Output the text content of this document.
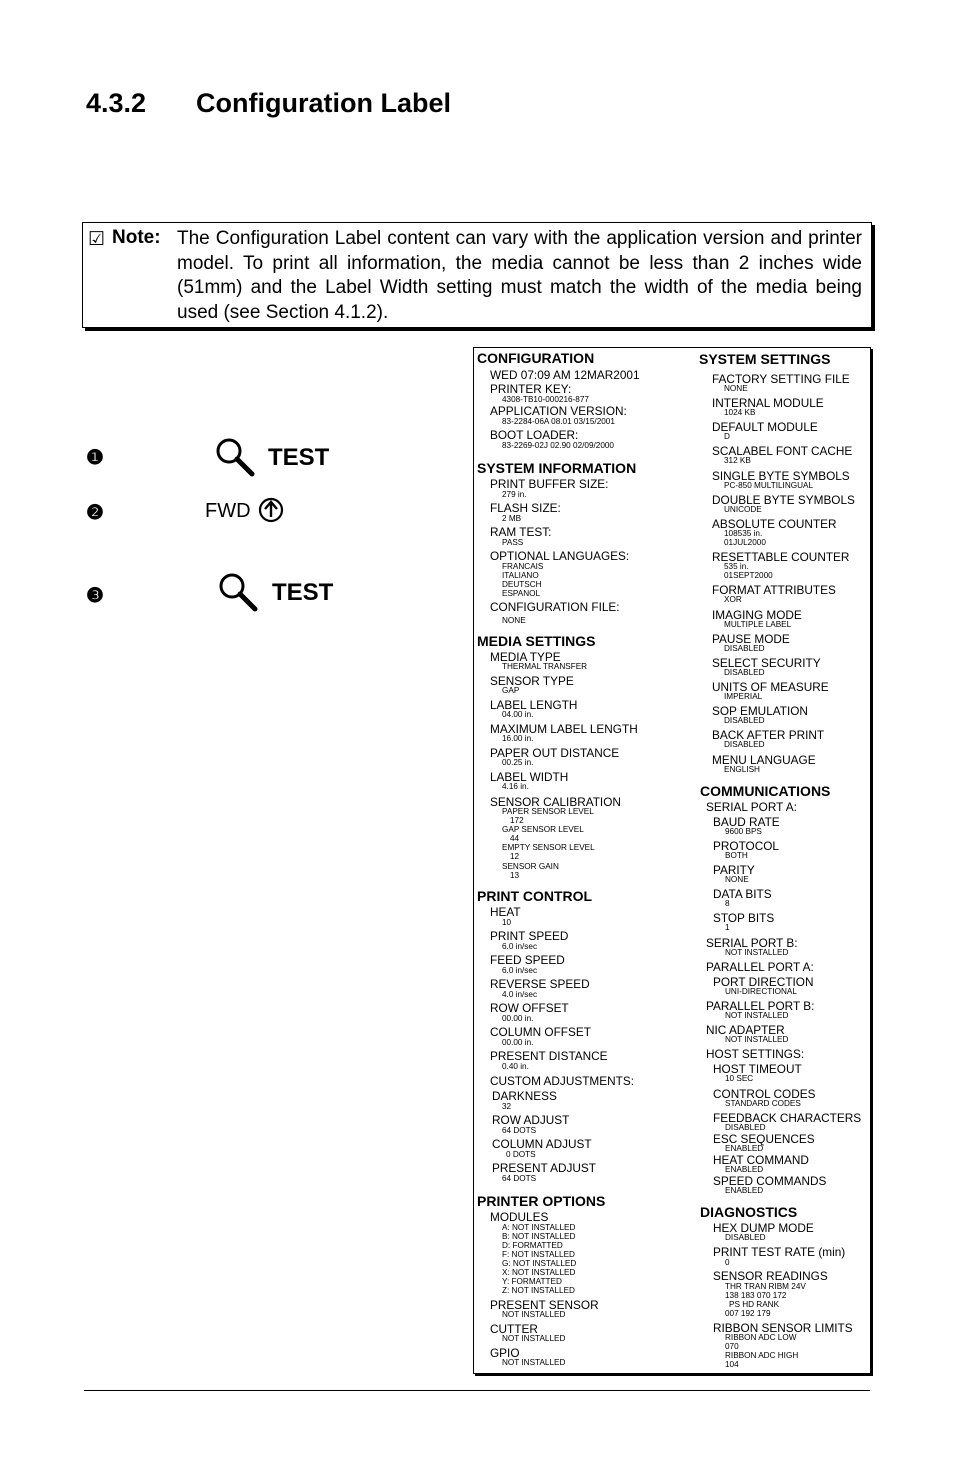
4.3.2 Configuration Label
☑ Note: The Configuration Label content can vary with the application version and printer model. To print all information, the media cannot be less than 2 inches wide (51mm) and the Label Width setting must match the width of the media being used (see Section 4.1.2).
❶	TEST
❷	FWD
❸	TEST
CONFIGURATION
WED 07:09 AM 12MAR2001
PRINTER KEY:
4308-TB10-000216-877
APPLICATION VERSION:
83-2284-06A 08.01 03/15/2001
BOOT LOADER:
83-2269-02J 02.90 02/09/2000
SYSTEM INFORMATION
PRINT BUFFER SIZE:
279 in.
FLASH SIZE:
2 MB
RAM TEST:
PASS
OPTIONAL LANGUAGES:
FRANCAIS
ITALIANO
DEUTSCH
ESPANOL
CONFIGURATION FILE:
NONE
MEDIA SETTINGS
MEDIA TYPE
THERMAL TRANSFER
SENSOR TYPE
GAP
LABEL LENGTH
04.00 in.
MAXIMUM LABEL LENGTH
16.00 in.
PAPER OUT DISTANCE
00.25 in.
LABEL WIDTH
4.16 in.
SENSOR CALIBRATION
PAPER SENSOR LEVEL
172
GAP SENSOR LEVEL
44
EMPTY SENSOR LEVEL
12
SENSOR GAIN
13
PRINT CONTROL
HEAT
10
PRINT SPEED
6.0 in/sec
FEED SPEED
6.0 in/sec
REVERSE SPEED
4.0 in/sec
ROW OFFSET
00.00 in.
COLUMN OFFSET
00.00 in.
PRESENT DISTANCE
0.40 in.
CUSTOM ADJUSTMENTS:
DARKNESS
32
ROW ADJUST
64 DOTS
COLUMN ADJUST
0 DOTS
PRESENT ADJUST
64 DOTS
PRINTER OPTIONS
MODULES
A: NOT INSTALLED
B: NOT INSTALLED
D: FORMATTED
F: NOT INSTALLED
G: NOT INSTALLED
X: NOT INSTALLED
Y: FORMATTED
Z: NOT INSTALLED
PRESENT SENSOR
NOT INSTALLED
CUTTER
NOT INSTALLED
GPIO
NOT INSTALLED
SYSTEM SETTINGS
FACTORY SETTING FILE
NONE
INTERNAL MODULE
1024 KB
DEFAULT MODULE
D
SCALABEL FONT CACHE
312 KB
SINGLE BYTE SYMBOLS
PC-850 MULTILINGUAL
DOUBLE BYTE SYMBOLS
UNICODE
ABSOLUTE COUNTER
108535 in.
01JUL2000
RESETTABLE COUNTER
535 in.
01SEPT2000
FORMAT ATTRIBUTES
XOR
IMAGING MODE
MULTIPLE LABEL
PAUSE MODE
DISABLED
SELECT SECURITY
DISABLED
UNITS OF MEASURE
IMPERIAL
SOP EMULATION
DISABLED
BACK AFTER PRINT
DISABLED
MENU LANGUAGE
ENGLISH
COMMUNICATIONS
SERIAL PORT A:
BAUD RATE
9600 BPS
PROTOCOL
BOTH
PARITY
NONE
DATA BITS
8
STOP BITS
1
SERIAL PORT B:
NOT INSTALLED
PARALLEL PORT A:
PORT DIRECTION
UNI-DIRECTIONAL
PARALLEL PORT B:
NOT INSTALLED
NIC ADAPTER
NOT INSTALLED
HOST SETTINGS:
HOST TIMEOUT
10 SEC
CONTROL CODES
STANDARD CODES
FEEDBACK CHARACTERS
DISABLED
ESC SEQUENCES
ENABLED
HEAT COMMAND
ENABLED
SPEED COMMANDS
ENABLED
DIAGNOSTICS
HEX DUMP MODE
DISABLED
PRINT TEST RATE (min)
0
SENSOR READINGS
THR TRAN RIBM 24V
138 183 070 172
PS HD RANK
007 192 179
RIBBON SENSOR LIMITS
RIBBON ADC LOW
070
RIBBON ADC HIGH
104
